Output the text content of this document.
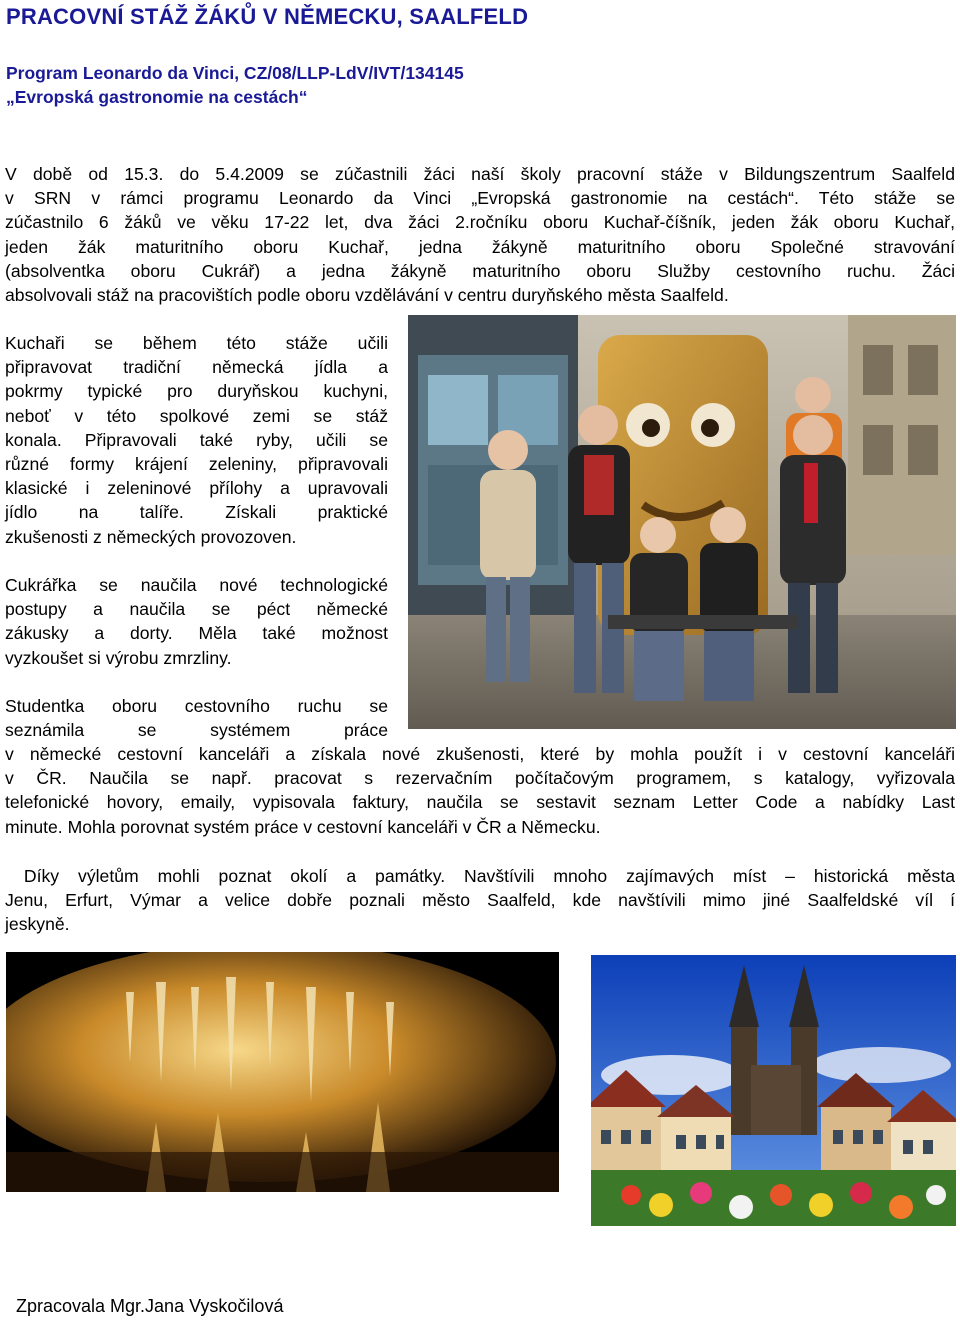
PRACOVNÍ STÁŽ ŽÁKŮ V NĚMECKU, SAALFELD
Program Leonardo da Vinci, CZ/08/LLP-LdV/IVT/134145
„Evropská gastronomie na cestách“
V době od 15.3. do 5.4.2009 se zúčastnili žáci naší školy pracovní stáže v Bildungszentrum Saalfeld
v SRN v rámci programu Leonardo da Vinci „Evropská gastronomie na cestách“. Této stáže se
zúčastnilo 6 žáků ve věku 17-22 let, dva žáci 2.ročníku oboru Kuchař-číšník, jeden žák oboru Kuchař,
jeden žák maturitního oboru Kuchař, jedna žákyně maturitního oboru Společné stravování
(absolventka oboru Cukrář) a jedna žákyně maturitního oboru Služby cestovního ruchu. Žáci
absolvovali stáž na pracovištích podle oboru vzdělávání v centru duryňského města Saalfeld.
Kuchaři se během této stáže učili
připravovat tradiční německá jídla a
pokrmy typické pro duryňskou kuchyni,
neboť v této spolkové zemi se stáž
konala. Připravovali také ryby, učili se
různé formy krájení zeleniny, připravovali
klasické i zeleninové přílohy a upravovali
jídlo na talíře. Získali praktické
zkušenosti z německých provozoven.
Cukrářka se naučila nové technologické
postupy a naučila se péct německé
zákusky a dorty. Měla také možnost
vyzkoušet si výrobu zmrzliny.
Studentka oboru cestovního ruchu se
seznámila se systémem práce
v německé cestovní kanceláři a získala nové zkušenosti, které by mohla použít i v cestovní kanceláři
v ČR. Naučila se např. pracovat s rezervačním počítačovým programem, s katalogy, vyřizovala
telefonické hovory, emaily, vypisovala faktury, naučila se sestavit seznam Letter Code a nabídky Last
minute. Mohla porovnat systém práce v cestovní kanceláři v ČR a Německu.
Díky výletům mohli poznat okolí a památky. Navštívili mnoho zajímavých míst – historická města
Jenu, Erfurt, Výmar a velice dobře poznali město Saalfeld, kde navštívili mimo jiné Saalfeldské víl í
jeskyně.
Zpracovala Mgr.Jana Vyskočilová
